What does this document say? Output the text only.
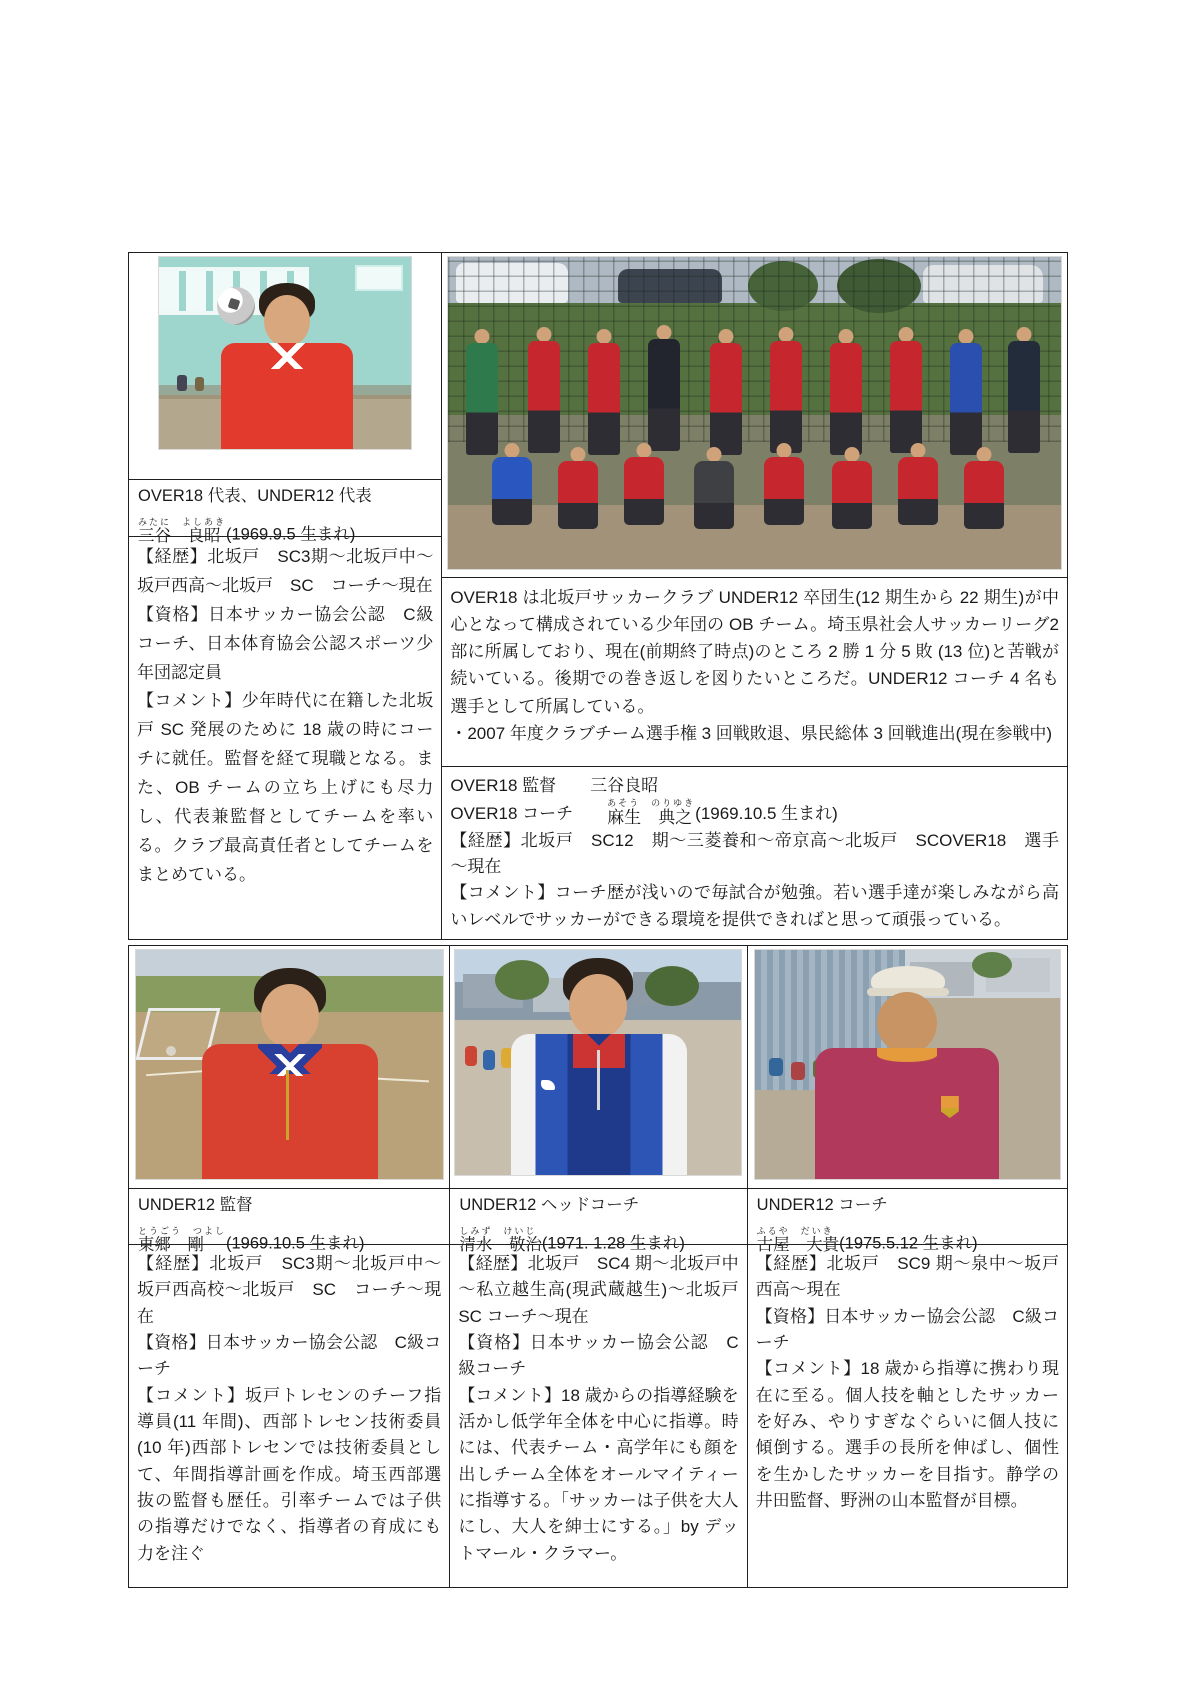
OVER18 代表、UNDER12 代表
みたに　よしあき
三谷　良昭 (1969.9.5 生まれ)

【経歴】北坂戸　SC3期～北坂戸中～坂戸西高～北坂戸　SC　コーチ～現在

【資格】日本サッカー協会公認　C級コーチ、日本体育協会公認スポーツ少年団認定員

【コメント】少年時代に在籍した北坂戸 SC 発展のために 18 歳の時にコーチに就任。監督を経て現職となる。また、OB チームの立ち上げにも尽力し、代表兼監督としてチームを率いる。クラブ最高責任者としてチームをまとめている。

OVER18 は北坂戸サッカークラブ UNDER12 卒団生(12 期生から 22 期生)が中心となって構成されている少年団の OB チーム。埼玉県社会人サッカーリーグ2部に所属しており、現在(前期終了時点)のところ 2 勝 1 分 5 敗 (13 位)と苦戦が続いている。後期での巻き返しを図りたいところだ。UNDER12 コーチ 4 名も選手として所属している。

・2007 年度クラブチーム選手権 3 回戦敗退、県民総体 3 回戦進出(現在参戦中)

OVER18 監督　　三谷良昭

OVER18 コーチ　　
あそう　のりゆき
麻生　典之 (1969.10.5 生まれ)

【経歴】北坂戸　SC12　期～三菱養和～帝京高～北坂戸　SCOVER18　選手～現在

【コメント】コーチ歴が浅いので毎試合が勉強。若い選手達が楽しみながら高いレベルでサッカーができる環境を提供できればと思って頑張っている。

UNDER12 監督
とうごう　つよし
東郷　剛	(1969.10.5 生まれ)

【経歴】北坂戸　SC3期～北坂戸中～坂戸西高校～北坂戸　SC　コーチ～現在

【資格】日本サッカー協会公認　C級コーチ

【コメント】坂戸トレセンのチーフ指導員(11 年間)、西部トレセン技術委員(10 年)西部トレセンでは技術委員として、年間指導計画を作成。埼玉西部選抜の監督も歴任。引率チームでは子供の指導だけでなく、指導者の育成にも力を注ぐ

UNDER12 ヘッドコーチ
しみず　けいじ
清水　敬治 (1971. 1.28 生まれ)

【経歴】北坂戸　SC4 期～北坂戸中～私立越生高(現武蔵越生)～北坂戸 SC コーチ～現在

【資格】日本サッカー協会公認　C級コーチ

【コメント】18 歳からの指導経験を活かし低学年全体を中心に指導。時には、代表チーム・高学年にも顔を出しチーム全体をオールマイティーに指導する。「サッカーは子供を大人にし、大人を紳士にする。」by デットマール・クラマー。

UNDER12 コーチ
ふるや　だいき
古屋　大貴 (1975.5.12 生まれ)

【経歴】北坂戸　SC9 期～泉中～坂戸西高～現在

【資格】日本サッカー協会公認　C級コーチ

【コメント】18 歳から指導に携わり現在に至る。個人技を軸としたサッカーを好み、やりすぎなぐらいに個人技に傾倒する。選手の長所を伸ばし、個性を生かしたサッカーを目指す。静学の井田監督、野洲の山本監督が目標。
